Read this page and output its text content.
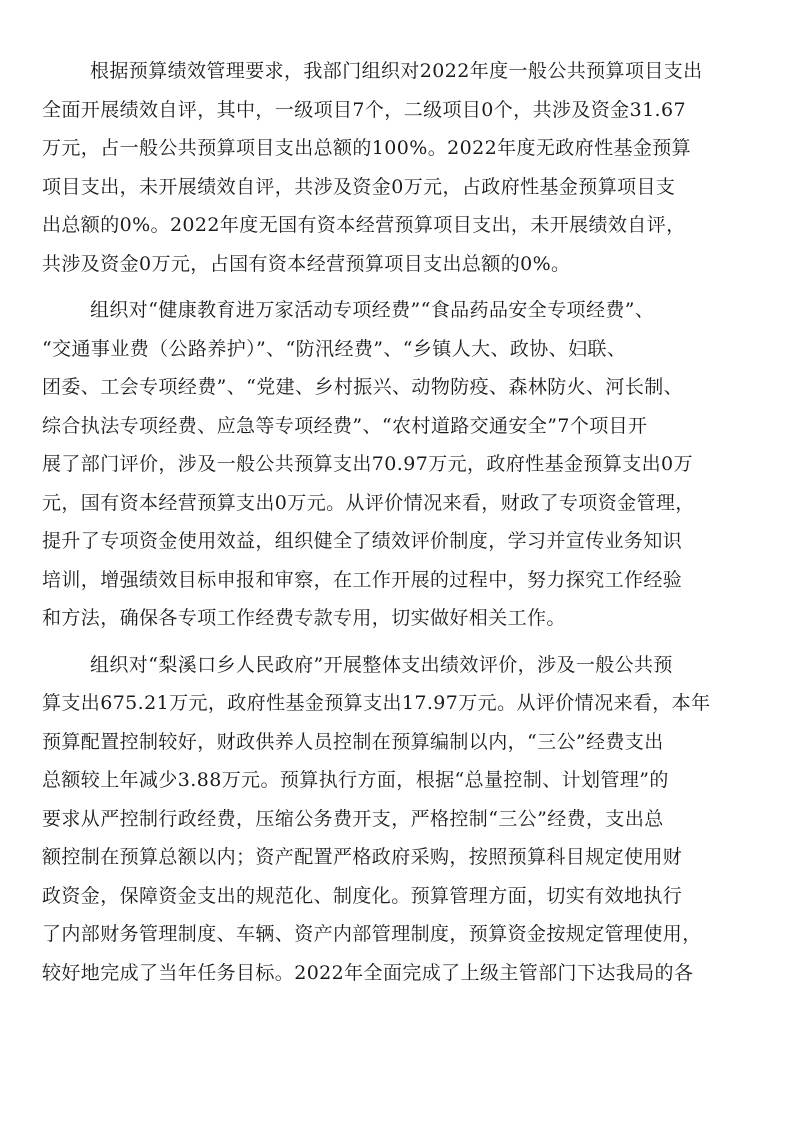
根据预算绩效管理要求，我部门组织对2022年度一般公共预算项目支出
全面开展绩效自评，其中，一级项目7个，二级项目0个，共涉及资金31.67
万元，占一般公共预算项目支出总额的100%。2022年度无政府性基金预算
项目支出，未开展绩效自评，共涉及资金0万元，占政府性基金预算项目支
出总额的0%。2022年度无国有资本经营预算项目支出，未开展绩效自评，
共涉及资金0万元，占国有资本经营预算项目支出总额的0%。
组织对“健康教育进万家活动专项经费”“食品药品安全专项经费”、
“交通事业费（公路养护）”、“防汛经费”、“乡镇人大、政协、妇联、
团委、工会专项经费”、“党建、乡村振兴、动物防疫、森林防火、河长制、
综合执法专项经费、应急等专项经费”、“农村道路交通安全”7个项目开
展了部门评价，涉及一般公共预算支出70.97万元，政府性基金预算支出0万
元，国有资本经营预算支出0万元。从评价情况来看，财政了专项资金管理，
提升了专项资金使用效益，组织健全了绩效评价制度，学习并宣传业务知识
培训，增强绩效目标申报和审察，在工作开展的过程中，努力探究工作经验
和方法，确保各专项工作经费专款专用，切实做好相关工作。
组织对“梨溪口乡人民政府”开展整体支出绩效评价，涉及一般公共预
算支出675.21万元，政府性基金预算支出17.97万元。从评价情况来看，本年
预算配置控制较好，财政供养人员控制在预算编制以内，“三公”经费支出
总额较上年减少3.88万元。预算执行方面，根据“总量控制、计划管理”的
要求从严控制行政经费，压缩公务费开支，严格控制“三公”经费，支出总
额控制在预算总额以内；资产配置严格政府采购，按照预算科目规定使用财
政资金，保障资金支出的规范化、制度化。预算管理方面，切实有效地执行
了内部财务管理制度、车辆、资产内部管理制度，预算资金按规定管理使用，
较好地完成了当年任务目标。2022年全面完成了上级主管部门下达我局的各
